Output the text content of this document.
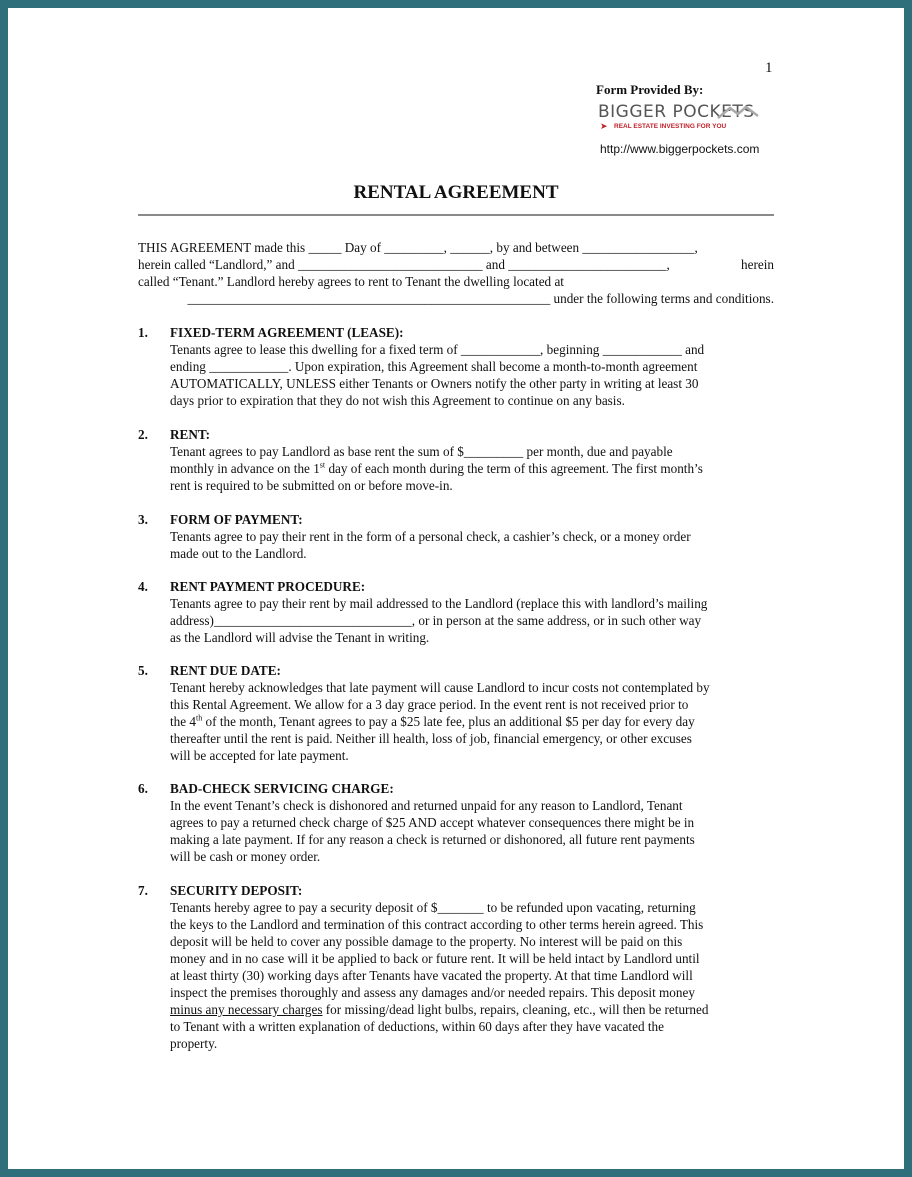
1
Form Provided By:
BIGGER POCKETS
➤ REAL ESTATE INVESTING FOR YOU
http://www.biggerpockets.com
RENTAL AGREEMENT
THIS AGREEMENT made this _____ Day of _________, ______, by and between _________________,
herein called “Landlord,” and ____________________________ and ________________________,	herein
called “Tenant.” Landlord hereby agrees to rent to Tenant the dwelling located at
_______________________________________________________ under the following terms and conditions.
1. FIXED-TERM AGREEMENT (LEASE):
Tenants agree to lease this dwelling for a fixed term of ____________, beginning ____________ and
ending ____________. Upon expiration, this Agreement shall become a month-to-month agreement
AUTOMATICALLY, UNLESS either Tenants or Owners notify the other party in writing at least 30
days prior to expiration that they do not wish this Agreement to continue on any basis.
2. RENT:
Tenant agrees to pay Landlord as base rent the sum of $_________ per month, due and payable
monthly in advance on the 1st day of each month during the term of this agreement. The first month’s
rent is required to be submitted on or before move-in.
3. FORM OF PAYMENT:
Tenants agree to pay their rent in the form of a personal check, a cashier’s check, or a money order
made out to the Landlord.
4. RENT PAYMENT PROCEDURE:
Tenants agree to pay their rent by mail addressed to the Landlord (replace this with landlord’s mailing
address)______________________________, or in person at the same address, or in such other way
as the Landlord will advise the Tenant in writing.
5. RENT DUE DATE:
Tenant hereby acknowledges that late payment will cause Landlord to incur costs not contemplated by
this Rental Agreement. We allow for a 3 day grace period. In the event rent is not received prior to
the 4th of the month, Tenant agrees to pay a $25 late fee, plus an additional $5 per day for every day
thereafter until the rent is paid. Neither ill health, loss of job, financial emergency, or other excuses
will be accepted for late payment.
6. BAD-CHECK SERVICING CHARGE:
In the event Tenant’s check is dishonored and returned unpaid for any reason to Landlord, Tenant
agrees to pay a returned check charge of $25 AND accept whatever consequences there might be in
making a late payment. If for any reason a check is returned or dishonored, all future rent payments
will be cash or money order.
7. SECURITY DEPOSIT:
Tenants hereby agree to pay a security deposit of $_______ to be refunded upon vacating, returning
the keys to the Landlord and termination of this contract according to other terms herein agreed. This
deposit will be held to cover any possible damage to the property. No interest will be paid on this
money and in no case will it be applied to back or future rent. It will be held intact by Landlord until
at least thirty (30) working days after Tenants have vacated the property. At that time Landlord will
inspect the premises thoroughly and assess any damages and/or needed repairs. This deposit money
minus any necessary charges for missing/dead light bulbs, repairs, cleaning, etc., will then be returned
to Tenant with a written explanation of deductions, within 60 days after they have vacated the
property.
